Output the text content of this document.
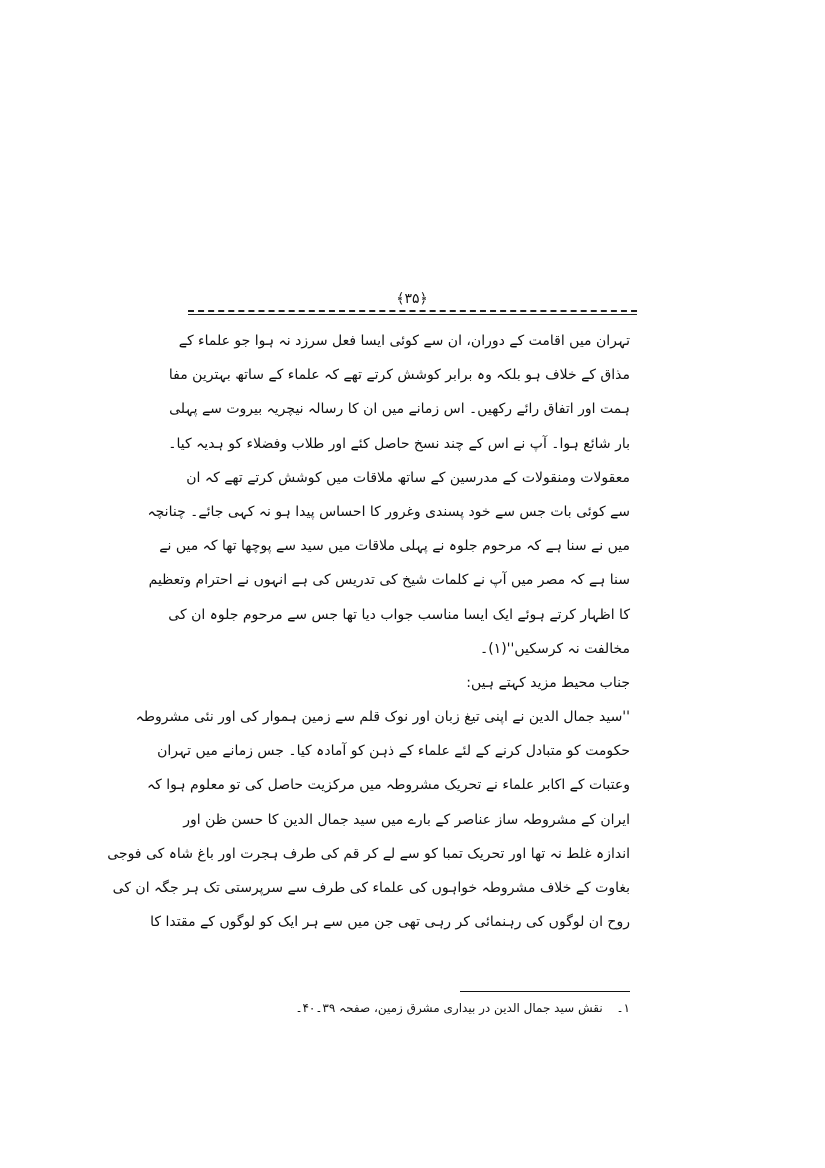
﴿۳۵﴾
تہران میں اقامت کے دوران، ان سے کوئی ایسا فعل سرزد نہ ہوا جو علماء کے
مذاق کے خلاف ہو بلکہ وہ برابر کوشش کرتے تھے کہ علماء کے ساتھ بہترین مفا
ہمت اور اتفاق رائے رکھیں۔ اس زمانے میں ان کا رسالہ نیچریہ بیروت سے پہلی
بار شائع ہوا۔ آپ نے اس کے چند نسخ حاصل کئے اور طلاب وفضلاء کو ہدیہ کیا۔
معقولات ومنقولات کے مدرسین کے ساتھ ملاقات میں کوشش کرتے تھے کہ ان
سے کوئی بات جس سے خود پسندی وغرور کا احساس پیدا ہو نہ کہی جائے۔ چنانچہ
میں نے سنا ہے کہ مرحوم جلوہ نے پہلی ملاقات میں سید سے پوچھا تھا کہ میں نے
سنا ہے کہ مصر میں آپ نے کلمات شیخ کی تدریس کی ہے انہوں نے احترام وتعظیم
کا اظہار کرتے ہوئے ایک ایسا مناسب جواب دیا تھا جس سے مرحوم جلوہ ان کی
مخالفت نہ کرسکیں''(۱)۔
جناب محیط مزید کہتے ہیں:
''سید جمال الدین نے اپنی تیغ زبان اور نوک قلم سے زمین ہموار کی اور نئی مشروطہ
حکومت کو متبادل کرنے کے لئے علماء کے ذہن کو آمادہ کیا۔ جس زمانے میں تہران
وعتبات کے اکابر علماء نے تحریک مشروطہ میں مرکزیت حاصل کی تو معلوم ہوا کہ
ایران کے مشروطہ ساز عناصر کے بارے میں سید جمال الدین کا حسن ظن اور
اندازہ غلط نہ تھا اور تحریک تمبا کو سے لے کر قم کی طرف ہجرت اور باغ شاہ کی فوجی
بغاوت کے خلاف مشروطہ خواہوں کی علماء کی طرف سے سرپرستی تک ہر جگہ ان کی
روح ان لوگوں کی رہنمائی کر رہی تھی جن میں سے ہر ایک کو لوگوں کے مقتدا کا
۱۔ نقش سید جمال الدین در بیداری مشرق زمین، صفحہ ۳۹۔۴۰۔
